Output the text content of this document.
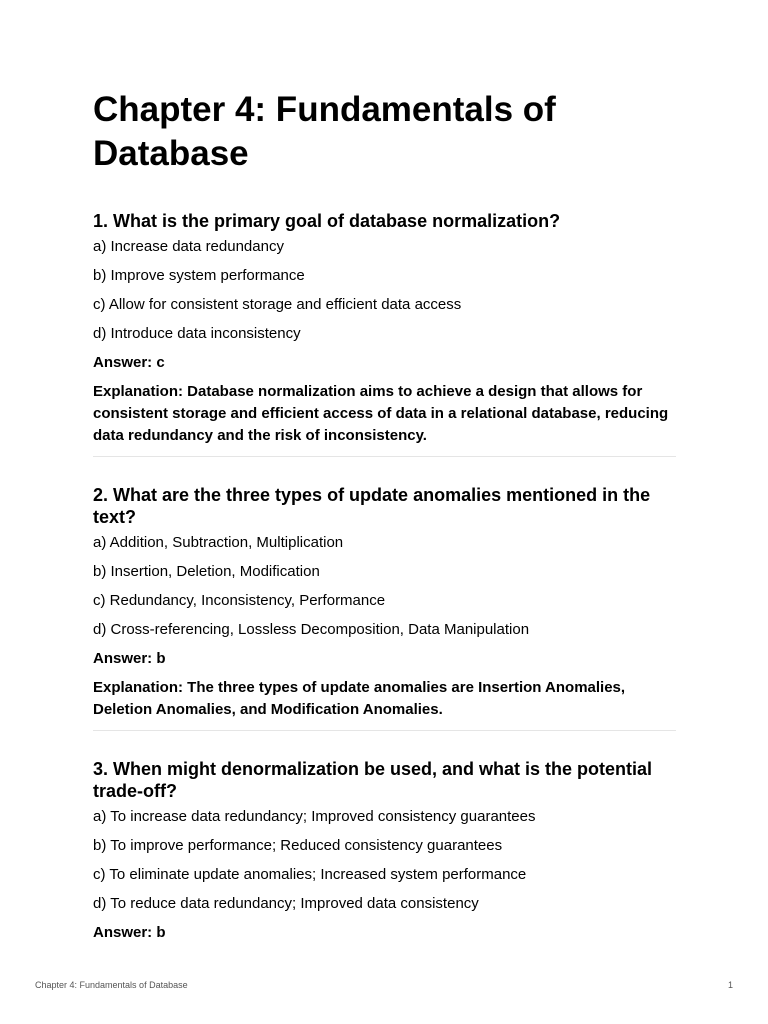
Chapter 4: Fundamentals of Database
1. What is the primary goal of database normalization?
a) Increase data redundancy
b) Improve system performance
c) Allow for consistent storage and efficient data access
d) Introduce data inconsistency
Answer: c
Explanation: Database normalization aims to achieve a design that allows for consistent storage and efficient access of data in a relational database, reducing data redundancy and the risk of inconsistency.
2. What are the three types of update anomalies mentioned in the text?
a) Addition, Subtraction, Multiplication
b) Insertion, Deletion, Modification
c) Redundancy, Inconsistency, Performance
d) Cross-referencing, Lossless Decomposition, Data Manipulation
Answer: b
Explanation: The three types of update anomalies are Insertion Anomalies, Deletion Anomalies, and Modification Anomalies.
3. When might denormalization be used, and what is the potential trade-off?
a) To increase data redundancy; Improved consistency guarantees
b) To improve performance; Reduced consistency guarantees
c) To eliminate update anomalies; Increased system performance
d) To reduce data redundancy; Improved data consistency
Answer: b
Chapter 4: Fundamentals of Database	1
